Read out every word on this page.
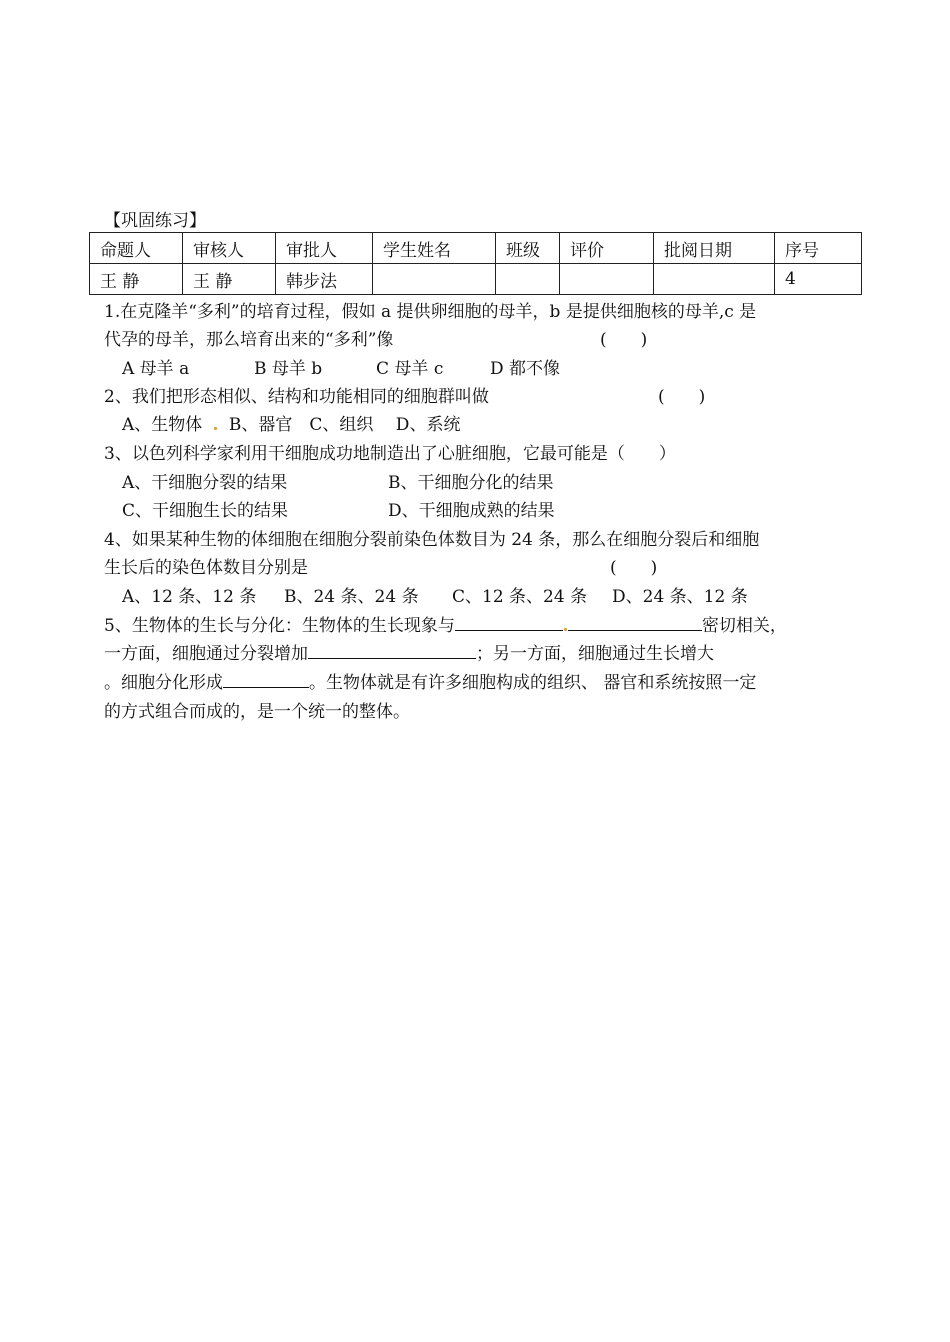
【巩固练习】
命题人	审核人	审批人	学生姓名	班级	评价	批阅日期	序号
王 静	王 静	韩步法					4
1.在克隆羊“多利”的培育过程，假如 a 提供卵细胞的母羊，b 是提供细胞核的母羊,c 是
代孕的母羊，那么培育出来的“多利”像	(　　)
A 母羊 a	B 母羊 b	C 母羊 c	D 都不像
2、我们把形态相似、结构和功能相同的细胞群叫做	(　　)
A、生物体 B、器官　C、组织　 D、系统
3、以色列科学家利用干细胞成功地制造出了心脏细胞，它最可能是（　　）
A、干细胞分裂的结果	B、干细胞分化的结果
C、干细胞生长的结果	D、干细胞成熟的结果
4、如果某种生物的体细胞在细胞分裂前染色体数目为 24 条，那么在细胞分裂后和细胞
生长后的染色体数目分别是	(　　)
A、12 条、12 条 B、24 条、24 条 C、12 条、24 条 D、24 条、12 条
5、生物体的生长与分化：生物体的生长现象与	密切相关，
一方面，细胞通过分裂增加	；另一方面，细胞通过生长增大
。细胞分化形成	。生物体就是有许多细胞构成的组织、 器官和系统按照一定
的方式组合而成的，是一个统一的整体。
